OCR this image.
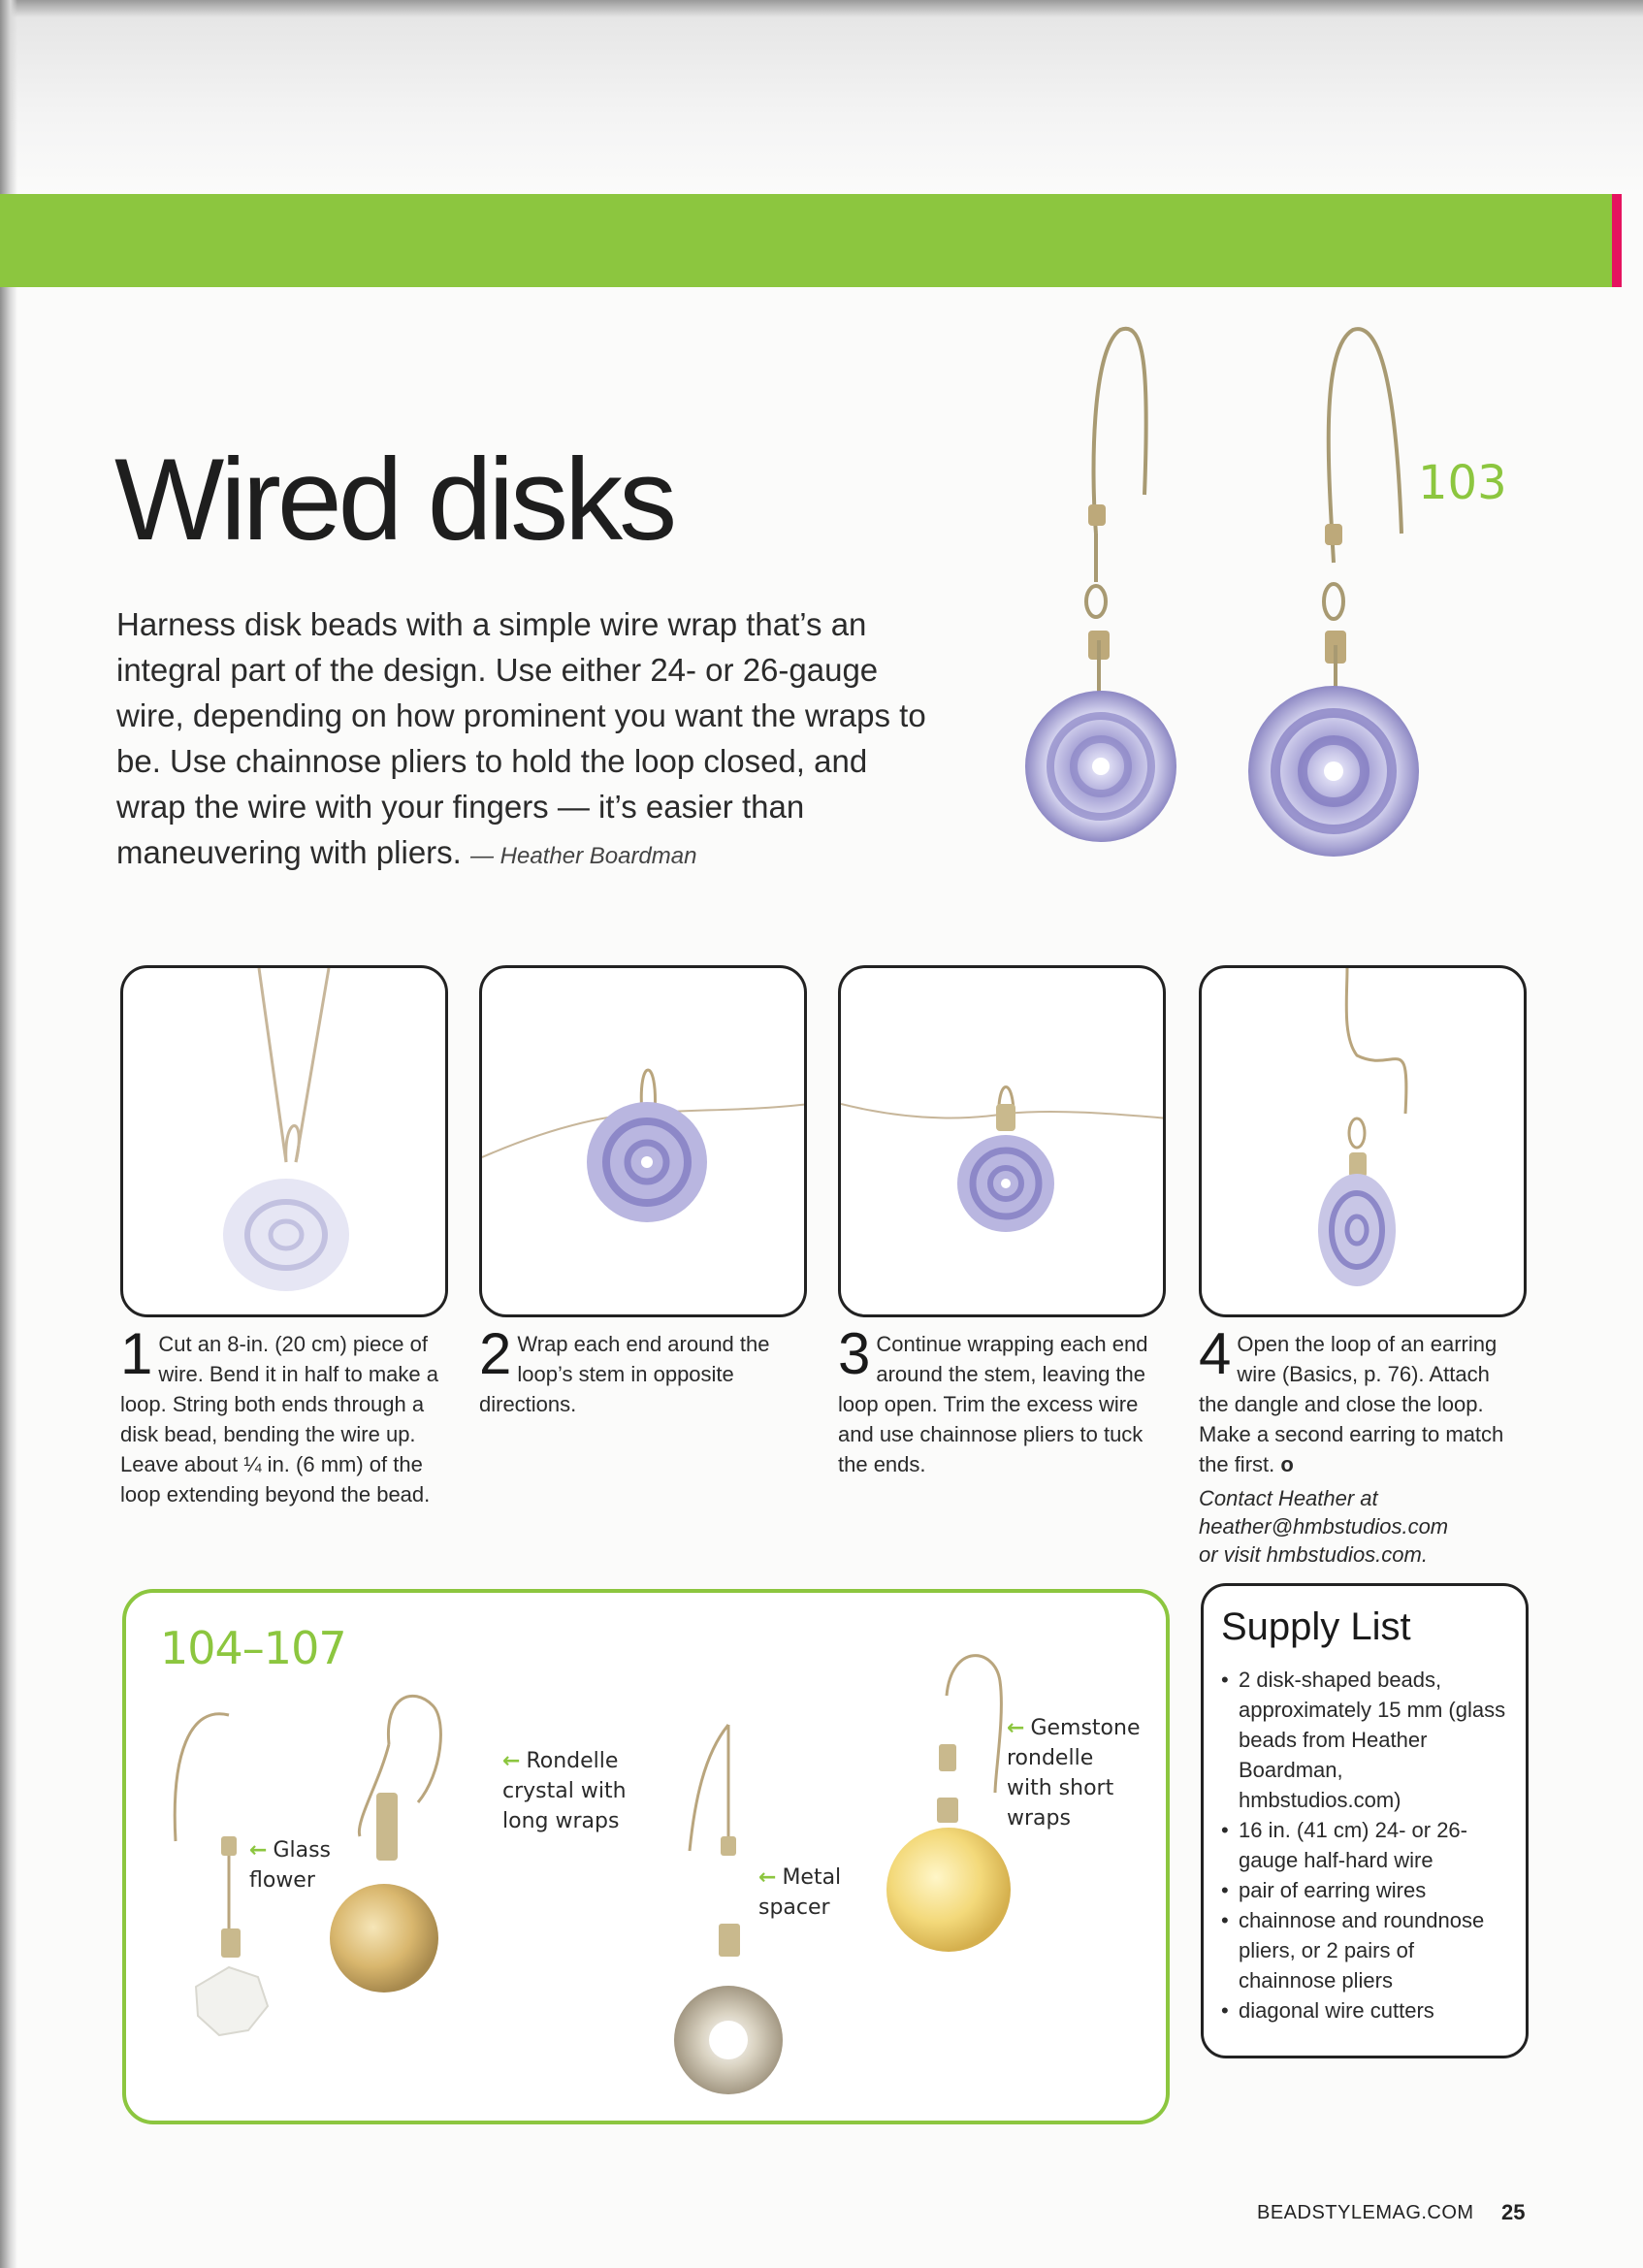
Wired disks	103

Harness disk beads with a simple wire wrap that’s an integral part of the design. Use either 24- or 26-gauge wire, depending on how prominent you want the wraps to be. Use chainnose pliers to hold the loop closed, and wrap the wire with your fingers — it’s easier than maneuvering with pliers. — Heather Boardman

1 Cut an 8-in. (20 cm) piece of wire. Bend it in half to make a loop. String both ends through a disk bead, bending the wire up. Leave about ¼ in. (6 mm) of the loop extending beyond the bead.
2 Wrap each end around the loop’s stem in opposite directions.
3 Continue wrapping each end around the stem, leaving the loop open. Trim the excess wire and use chainnose pliers to tuck the ends.
4 Open the loop of an earring wire (Basics, p. 76). Attach the dangle and close the loop. Make a second earring to match the first. o
Contact Heather at
heather@hmbstudios.com
or visit hmbstudios.com.
104–107
← Glass flower
← Rondelle crystal with long wraps
← Metal spacer
← Gemstone rondelle with short wraps
Supply List
• 2 disk-shaped beads, approximately 15 mm (glass beads from Heather Boardman, hmbstudios.com)
• 16 in. (41 cm) 24- or 26-gauge half-hard wire
• pair of earring wires
• chainnose and roundnose pliers, or 2 pairs of chainnose pliers
• diagonal wire cutters
BEADSTYLEMAG.COM 25
